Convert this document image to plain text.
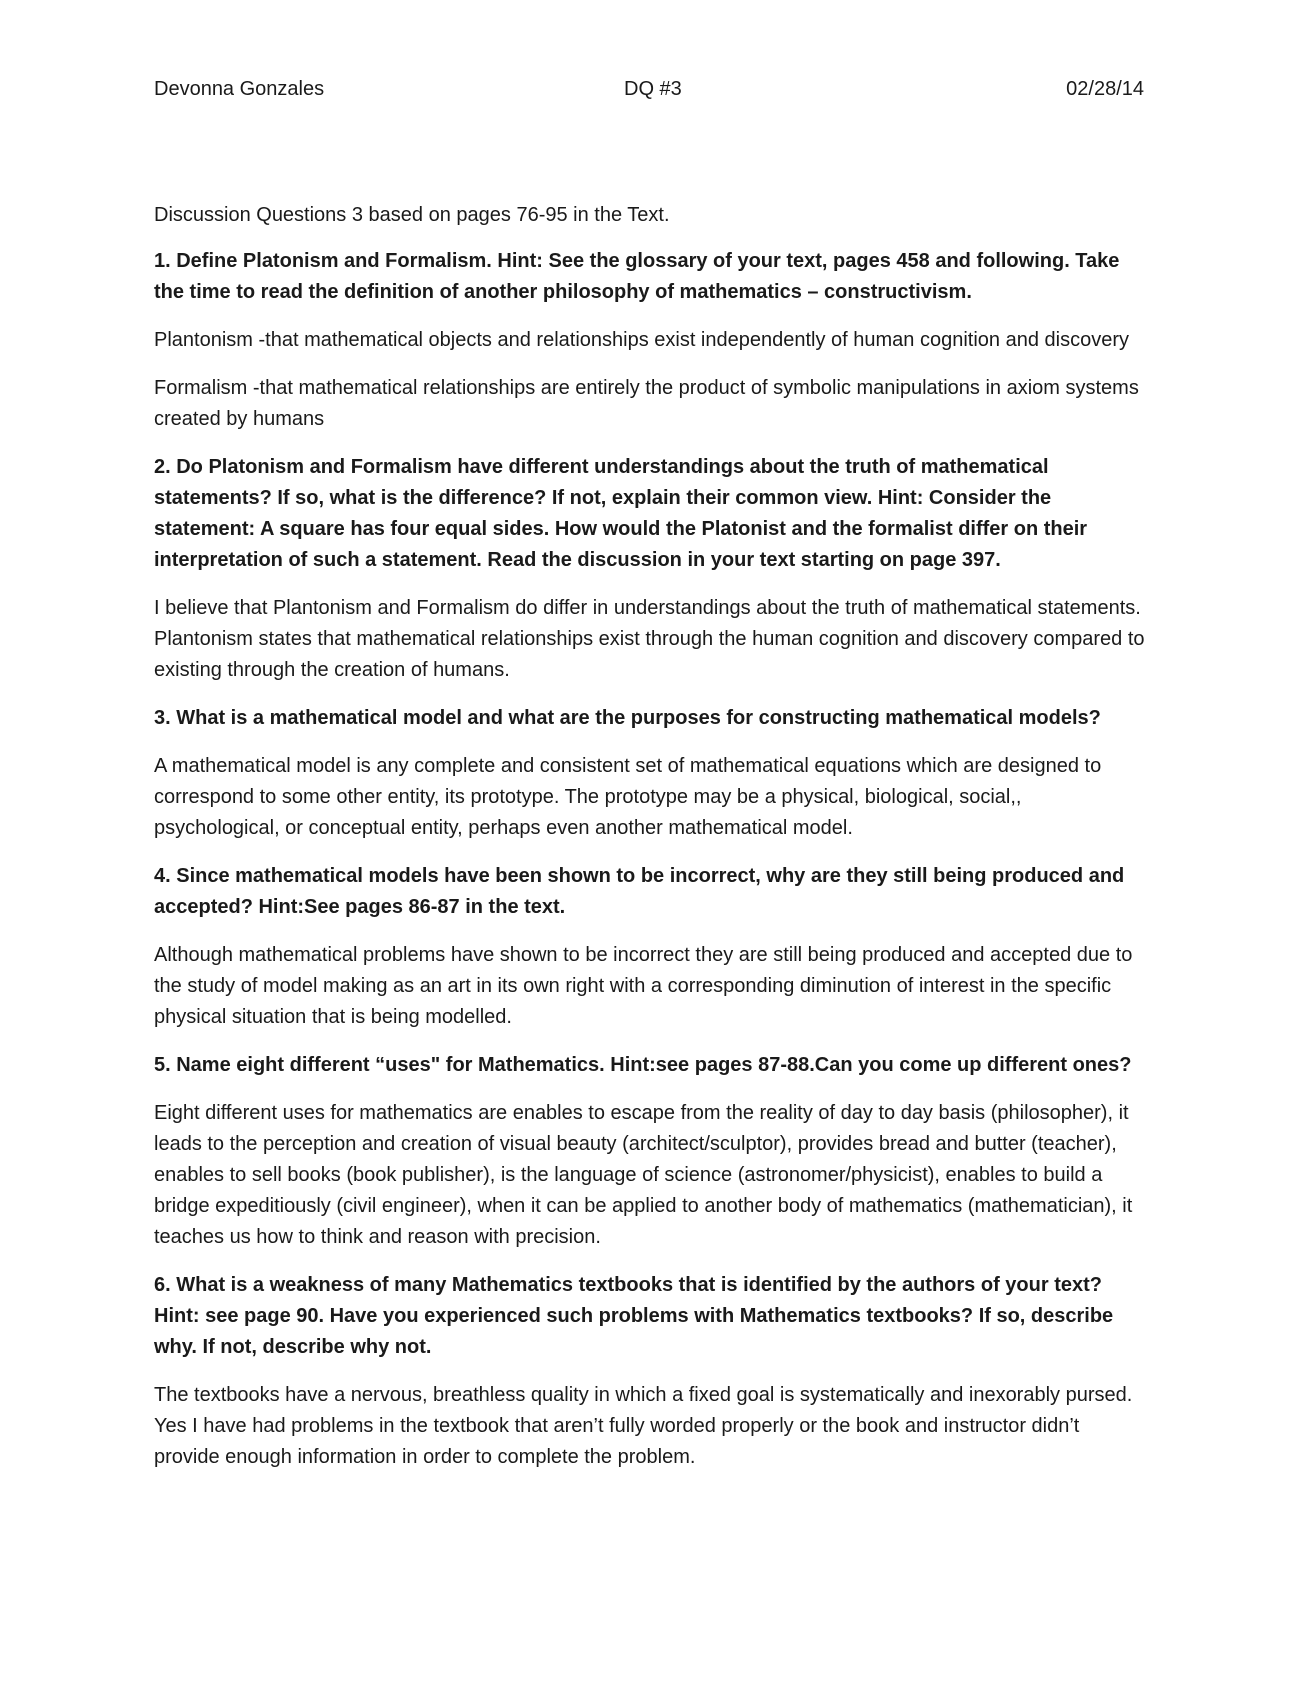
Devonna Gonzales	DQ #3	02/28/14

Discussion Questions 3 based on pages 76-95 in the Text.

1. Define Platonism and Formalism. Hint: See the glossary of your text, pages 458 and following. Take the time to read the definition of another philosophy of mathematics – constructivism.

Plantonism -that mathematical objects and relationships exist independently of human cognition and discovery

Formalism -that mathematical relationships are entirely the product of symbolic manipulations in axiom systems created by humans

2. Do Platonism and Formalism have different understandings about the truth of mathematical statements? If so, what is the difference? If not, explain their common view. Hint: Consider the statement: A square has four equal sides. How would the Platonist and the formalist differ on their interpretation of such a statement. Read the discussion in your text starting on page 397.

I believe that Plantonism and Formalism do differ in understandings about the truth of mathematical statements. Plantonism states that mathematical relationships exist through the human cognition and discovery compared to existing through the creation of humans.

3. What is a mathematical model and what are the purposes for constructing mathematical models?

A mathematical model is any complete and consistent set of mathematical equations which are designed to correspond to some other entity, its prototype. The prototype may be a physical, biological, social,, psychological, or conceptual entity, perhaps even another mathematical model.

4. Since mathematical models have been shown to be incorrect, why are they still being produced and accepted? Hint:See pages 86-87 in the text.

Although mathematical problems have shown to be incorrect they are still being produced and accepted due to the study of model making as an art in its own right with a corresponding diminution of interest in the specific physical situation that is being modelled.

5. Name eight different “uses" for Mathematics. Hint:see pages 87-88.Can you come up different ones?

Eight different uses for mathematics are enables to escape from the reality of day to day basis (philosopher), it leads to the perception and creation of visual beauty (architect/sculptor), provides bread and butter (teacher), enables to sell books (book publisher), is the language of science (astronomer/physicist), enables to build a bridge expeditiously (civil engineer), when it can be applied to another body of mathematics (mathematician), it teaches us how to think and reason with precision.

6. What is a weakness of many Mathematics textbooks that is identified by the authors of your text? Hint: see page 90. Have you experienced such problems with Mathematics textbooks? If so, describe why. If not, describe why not.

The textbooks have a nervous, breathless quality in which a fixed goal is systematically and inexorably pursed. Yes I have had problems in the textbook that aren’t fully worded properly or the book and instructor didn’t provide enough information in order to complete the problem.
